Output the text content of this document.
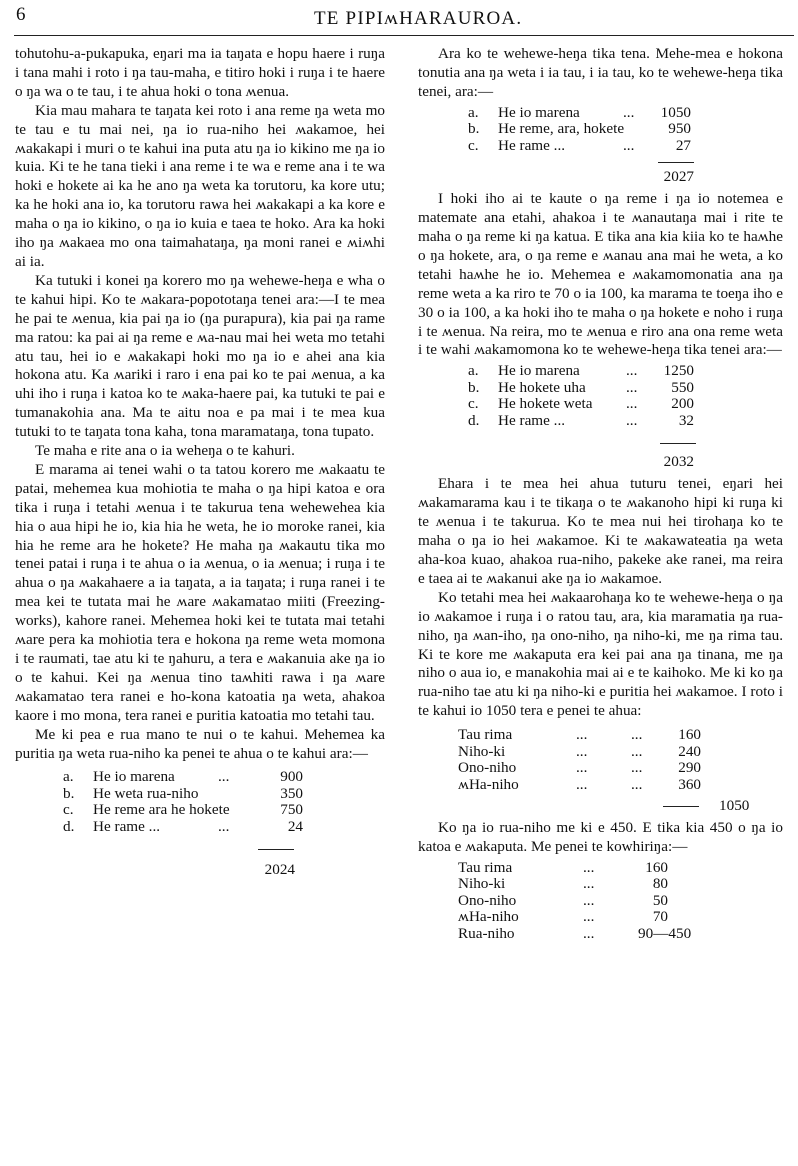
6	TE PIPIʍHARAUROA.

tohutohu-a-pukapuka, eŋari ma ia taŋata e hopu haere i ruŋa i tana mahi i roto i ŋa tau-maha, e titiro hoki i ruŋa i te haere o ŋa wa o te tau, i te ahua hoki o tona ʍenua.

Kia mau mahara te taŋata kei roto i ana reme ŋa weta mo te tau e tu mai nei, ŋa io rua-niho hei ʍakamoe, hei ʍakakapi i muri o te kahui ina puta atu ŋa io kikino me ŋa io kuia. Ki te he tana tieki i ana reme i te wa e reme ana i te wa hoki e hokete ai ka he ano ŋa weta ka torutoru, ka kore utu; ka he hoki ana io, ka torutoru rawa hei ʍakakapi a ka kore e maha o ŋa io kikino, o ŋa io kuia e taea te hoko. Ara ka hoki iho ŋa ʍakaea mo ona taimahataŋa, ŋa moni ranei e ʍiʍhi ai ia.

Ka tutuki i konei ŋa korero mo ŋa wehewe-heŋa e wha o te kahui hipi. Ko te ʍakara-popototaŋa tenei ara:—I te mea he pai te ʍenua, kia pai ŋa io (ŋa purapura), kia pai ŋa rame ma ratou: ka pai ai ŋa reme e ʍa-nau mai hei weta mo tetahi atu tau, hei io e ʍakakapi hoki mo ŋa io e ahei ana kia hokona atu. Ka ʍariki i raro i ena pai ko te pai ʍenua, a ka uhi iho i ruŋa i katoa ko te ʍaka-haere pai, ka tutuki te pai e tumanakohia ana. Ma te aitu noa e pa mai i te mea kua tutuki to te taŋata tona kaha, tona maramataŋa, tona tupato.

Te maha e rite ana o ia weheŋa o te kahuri.

E marama ai tenei wahi o ta tatou korero me ʍakaatu te patai, mehemea kua mohiotia te maha o ŋa hipi katoa e ora tika i ruŋa i tetahi ʍenua i te takurua tena wehewehea kia hia o aua hipi he io, kia hia he weta, he io moroke ranei, kia hia he reme ara he hokete? He maha ŋa ʍakautu tika mo tenei patai i ruŋa i te ahua o ia ʍenua, o ia ʍenua; i ruŋa i te ahua o ŋa ʍakahaere a ia taŋata, a ia taŋata; i ruŋa ranei i te mea kei te tutata mai he ʍare ʍakamatao miiti (Freezing-works), kahore ranei. Mehemea hoki kei te tutata mai tetahi ʍare pera ka mohiotia tera e hokona ŋa reme weta momona i te raumati, tae atu ki te ŋahuru, a tera e ʍakanuia ake ŋa io o te kahui. Kei ŋa ʍenua tino taʍhiti rawa i ŋa ʍare ʍakamatao tera ranei e ho-kona katoatia ŋa weta, ahakoa kaore i mo mona, tera ranei e puritia katoatia mo tetahi tau.

Me ki pea e rua mano te nui o te kahui. Mehemea ka puritia ŋa weta rua-niho ka penei te ahua o te kahui ara:—

a.	He io marena	...	900
b.	He weta rua-niho	350
c.	He reme ara he hokete	750
d.	He rame ...	...	24
2024

Ara ko te wehewe-heŋa tika tena. Mehe-mea e hokona tonutia ana ŋa weta i ia tau, i ia tau, ko te wehewe-heŋa tika tenei, ara:—

a.	He io marena	...	1050
b.	He reme, ara, hokete	950
c.	He rame ...	...	27
2027

I hoki iho ai te kaute o ŋa reme i ŋa io notemea e matemate ana etahi, ahakoa i te ʍanautaŋa mai i rite te maha o ŋa reme ki ŋa katua. E tika ana kia kiia ko te haʍhe o ŋa hokete, ara, o ŋa reme e ʍanau ana mai he weta, a ko tetahi haʍhe he io. Mehemea e ʍakamomonatia ana ŋa reme weta a ka riro te 70 o ia 100, ka marama te toeŋa iho e 30 o ia 100, a ka hoki iho te maha o ŋa hokete e noho i ruŋa i te ʍenua. Na reira, mo te ʍenua e riro ana ona reme weta i te wahi ʍakamomona ko te wehewe-heŋa tika tenei ara:—

a.	He io marena	...	1250
b.	He hokete uha	...	550
c.	He hokete weta	...	200
d.	He rame ...	...	32
2032

Ehara i te mea hei ahua tuturu tenei, eŋari hei ʍakamarama kau i te tikaŋa o te ʍakanoho hipi ki ruŋa ki te ʍenua i te takurua. Ko te mea nui hei tirohaŋa ko te maha o ŋa io hei ʍakamoe. Ki te ʍakawateatia ŋa weta aha-koa kuao, ahakoa rua-niho, pakeke ake ranei, ma reira e taea ai te ʍakanui ake ŋa io ʍakamoe.

Ko tetahi mea hei ʍakaarohaŋa ko te wehewe-heŋa o ŋa io ʍakamoe i ruŋa i o ratou tau, ara, kia maramatia ŋa rua-niho, ŋa ʍan-iho, ŋa ono-niho, ŋa niho-ki, me ŋa rima tau. Ki te kore me ʍakaputa era kei pai ana ŋa tinana, me ŋa niho o aua io, e manakohia mai ai e te kaihoko. Me ki ko ŋa rua-niho tae atu ki ŋa niho-ki e puritia hei ʍakamoe. I roto i te kahui io 1050 tera e penei te ahua:

Tau rima	...	...	160
Niho-ki	...	...	240
Ono-niho	...	...	290
ʍHa-niho	...	...	360
1050

Ko ŋa io rua-niho me ki e 450. E tika kia 450 o ŋa io katoa e ʍakaputa. Me penei te kowhiriŋa:—

Tau rima	...	160
Niho-ki	...	80
Ono-niho	...	50
ʍHa-niho	...	70
Rua-niho	...	90—450
